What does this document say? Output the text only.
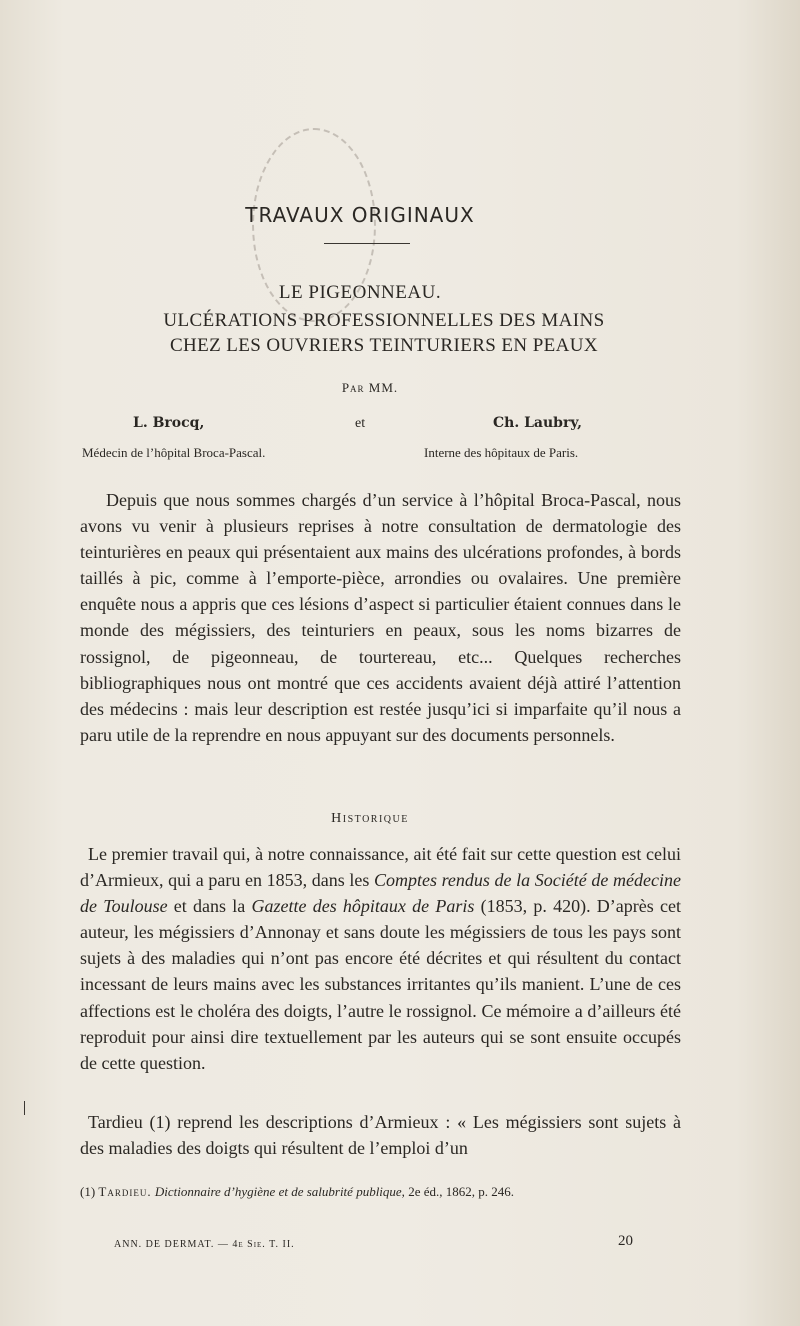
TRAVAUX ORIGINAUX
LE PIGEONNEAU.
ULCÉRATIONS PROFESSIONNELLES DES MAINS
CHEZ LES OUVRIERS TEINTURIERS EN PEAUX
Par MM.
L. Brocq,	et	Ch. Laubry,
Médecin de l’hôpital Broca-Pascal.	Interne des hôpitaux de Paris.

Depuis que nous sommes chargés d’un service à l’hôpital Broca-Pascal, nous avons vu venir à plusieurs reprises à notre consultation de dermatologie des teinturières en peaux qui présentaient aux mains des ulcérations profondes, à bords taillés à pic, comme à l’emporte-pièce, arrondies ou ovalaires. Une première enquête nous a appris que ces lésions d’aspect si particulier étaient connues dans le monde des mégissiers, des teinturiers en peaux, sous les noms bizarres de rossignol, de pigeonneau, de tourtereau, etc... Quelques recherches bibliographiques nous ont montré que ces accidents avaient déjà attiré l’attention des médecins : mais leur description est restée jusqu’ici si imparfaite qu’il nous a paru utile de la reprendre en nous appuyant sur des documents personnels.

Historique

Le premier travail qui, à notre connaissance, ait été fait sur cette question est celui d’Armieux, qui a paru en 1853, dans les Comptes rendus de la Société de médecine de Toulouse et dans la Gazette des hôpitaux de Paris (1853, p. 420). D’après cet auteur, les mégissiers d’Annonay et sans doute les mégissiers de tous les pays sont sujets à des maladies qui n’ont pas encore été décrites et qui résultent du contact incessant de leurs mains avec les substances irritantes qu’ils manient. L’une de ces affections est le choléra des doigts, l’autre le rossignol. Ce mémoire a d’ailleurs été reproduit pour ainsi dire textuellement par les auteurs qui se sont ensuite occupés de cette question.

Tardieu (1) reprend les descriptions d’Armieux : « Les mégissiers sont sujets à des maladies des doigts qui résultent de l’emploi d’un

(1) Tardieu. Dictionnaire d’hygiène et de salubrité publique, 2e éd., 1862, p. 246.
ANN. DE DERMAT. — 4e Sie. T. II.	20
